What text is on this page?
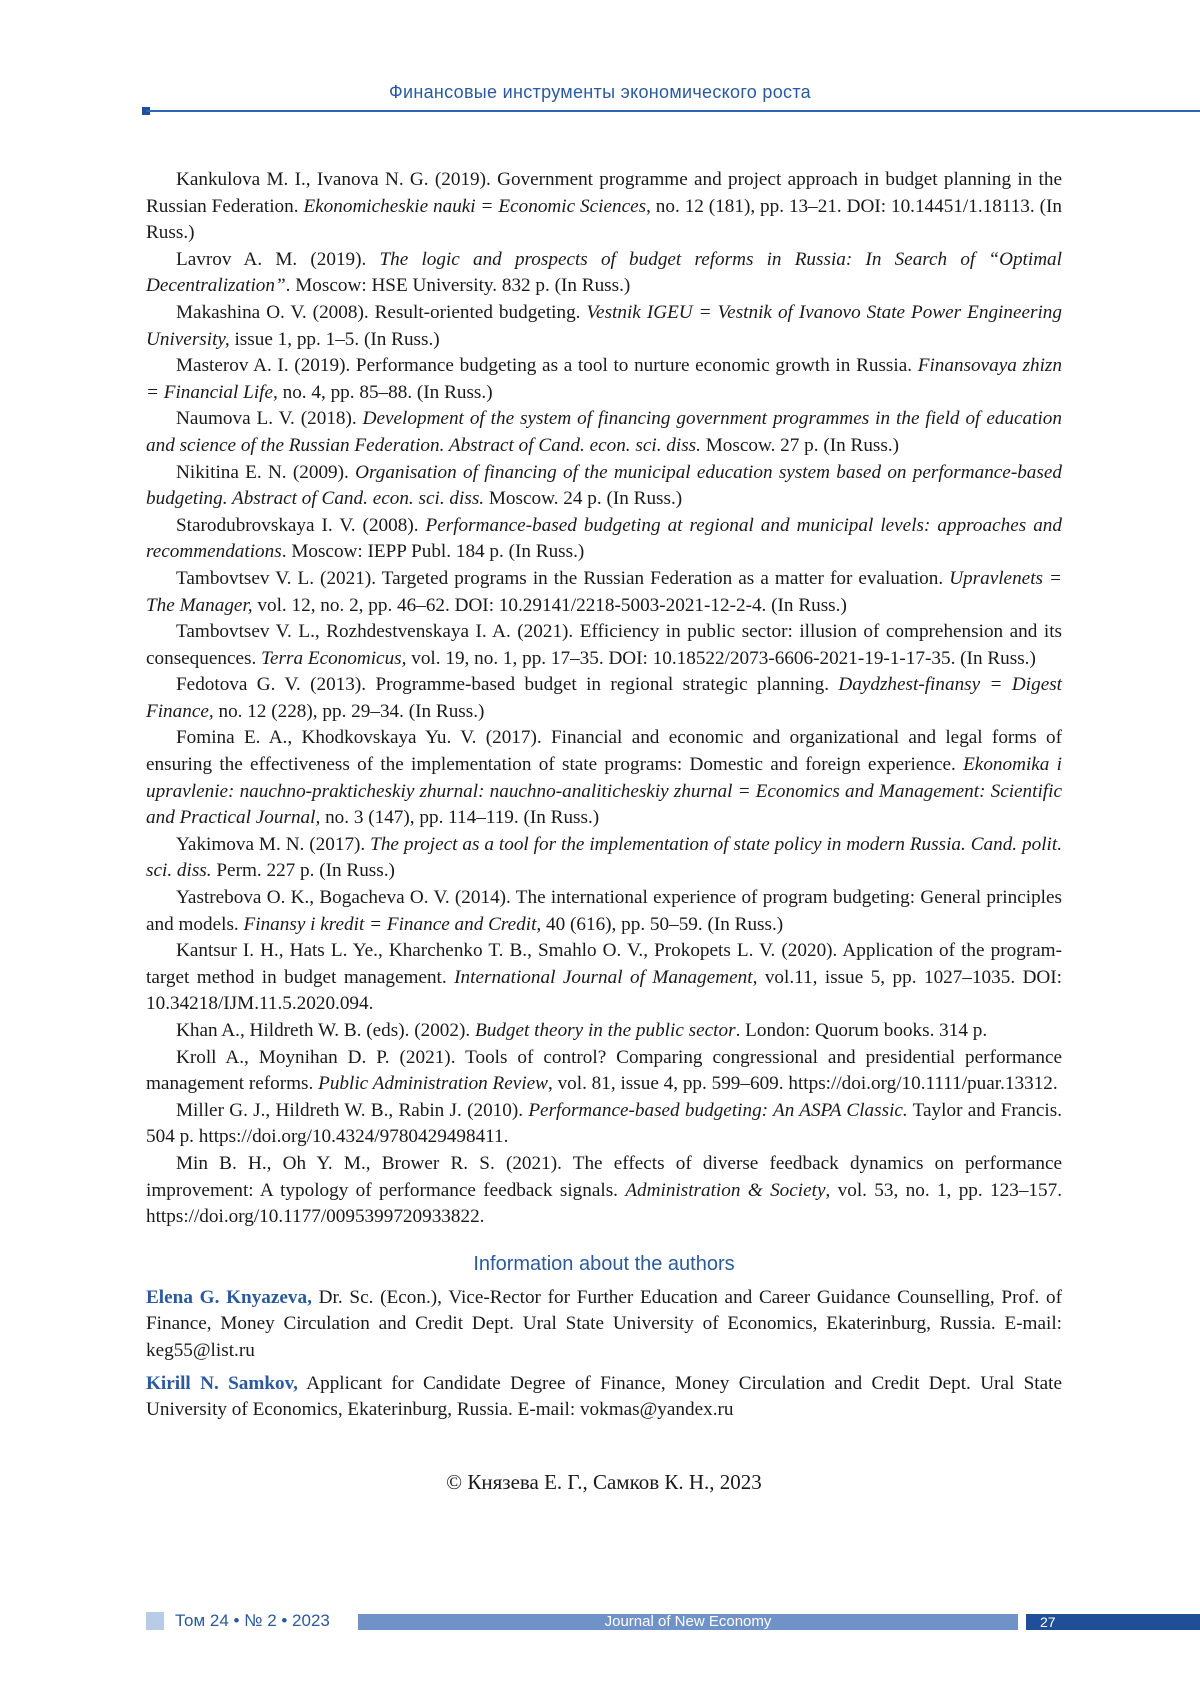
Финансовые инструменты экономического роста

Kankulova M. I., Ivanova N. G. (2019). Government programme and project approach in budget planning in the Russian Federation. Ekonomicheskie nauki = Economic Sciences, no. 12 (181), pp. 13–21. DOI: 10.14451/1.18113. (In Russ.)

Lavrov A. M. (2019). The logic and prospects of budget reforms in Russia: In Search of “Optimal Decentralization”. Moscow: HSE University. 832 p. (In Russ.)

Makashina O. V. (2008). Result-oriented budgeting. Vestnik IGEU = Vestnik of Ivanovo State Power Engineering University, issue 1, pp. 1–5. (In Russ.)

Masterov A. I. (2019). Performance budgeting as a tool to nurture economic growth in Russia. Finansovaya zhizn = Financial Life, no. 4, pp. 85–88. (In Russ.)

Naumova L. V. (2018). Development of the system of financing government programmes in the field of education and science of the Russian Federation. Abstract of Cand. econ. sci. diss. Moscow. 27 p. (In Russ.)

Nikitina E. N. (2009). Organisation of financing of the municipal education system based on performance-based budgeting. Abstract of Cand. econ. sci. diss. Moscow. 24 p. (In Russ.)

Starodubrovskaya I. V. (2008). Performance-based budgeting at regional and municipal levels: approaches and recommendations. Moscow: IEPP Publ. 184 p. (In Russ.)

Tambovtsev V. L. (2021). Targeted programs in the Russian Federation as a matter for evaluation. Upravlenets = The Manager, vol. 12, no. 2, pp. 46–62. DOI: 10.29141/2218-5003-2021-12-2-4. (In Russ.)

Tambovtsev V. L., Rozhdestvenskaya I. A. (2021). Efficiency in public sector: illusion of comprehension and its consequences. Terra Economicus, vol. 19, no. 1, pp. 17–35. DOI: 10.18522/2073-6606-2021-19-1-17-35. (In Russ.)

Fedotova G. V. (2013). Programme-based budget in regional strategic planning. Daydzhest-finansy = Digest Finance, no. 12 (228), pp. 29–34. (In Russ.)

Fomina E. A., Khodkovskaya Yu. V. (2017). Financial and economic and organizational and legal forms of ensuring the effectiveness of the implementation of state programs: Domestic and foreign experience. Ekonomika i upravlenie: nauchno-prakticheskiy zhurnal: nauchno-analiticheskiy zhurnal = Economics and Management: Scientific and Practical Journal, no. 3 (147), pp. 114–119. (In Russ.)

Yakimova M. N. (2017). The project as a tool for the implementation of state policy in modern Russia. Cand. polit. sci. diss. Perm. 227 p. (In Russ.)

Yastrebova O. K., Bogacheva O. V. (2014). The international experience of program budgeting: General principles and models. Finansy i kredit = Finance and Credit, 40 (616), pp. 50–59. (In Russ.)

Kantsur I. H., Hats L. Ye., Kharchenko T. B., Smahlo O. V., Prokopets L. V. (2020). Application of the program-target method in budget management. International Journal of Management, vol.11, issue 5, pp. 1027–1035. DOI: 10.34218/IJM.11.5.2020.094.

Khan A., Hildreth W. B. (eds). (2002). Budget theory in the public sector. London: Quorum books. 314 p.

Kroll A., Moynihan D. P. (2021). Tools of control? Comparing congressional and presidential performance management reforms. Public Administration Review, vol. 81, issue 4, pp. 599–609. https://doi.org/10.1111/puar.13312.

Miller G. J., Hildreth W. B., Rabin J. (2010). Performance-based budgeting: An ASPA Classic. Taylor and Francis. 504 p. https://doi.org/10.4324/9780429498411.

Min B. H., Oh Y. M., Brower R. S. (2021). The effects of diverse feedback dynamics on performance improvement: A typology of performance feedback signals. Administration & Society, vol. 53, no. 1, pp. 123–157. https://doi.org/10.1177/0095399720933822.

Information about the authors

Elena G. Knyazeva, Dr. Sc. (Econ.), Vice-Rector for Further Education and Career Guidance Counselling, Prof. of Finance, Money Circulation and Credit Dept. Ural State University of Economics, Ekaterinburg, Russia. E-mail: keg55@list.ru

Kirill N. Samkov, Applicant for Candidate Degree of Finance, Money Circulation and Credit Dept. Ural State University of Economics, Ekaterinburg, Russia. E-mail: vokmas@yandex.ru

© Князева Е. Г., Самков К. Н., 2023
Том 24 • № 2 • 2023	Journal of New Economy	27
